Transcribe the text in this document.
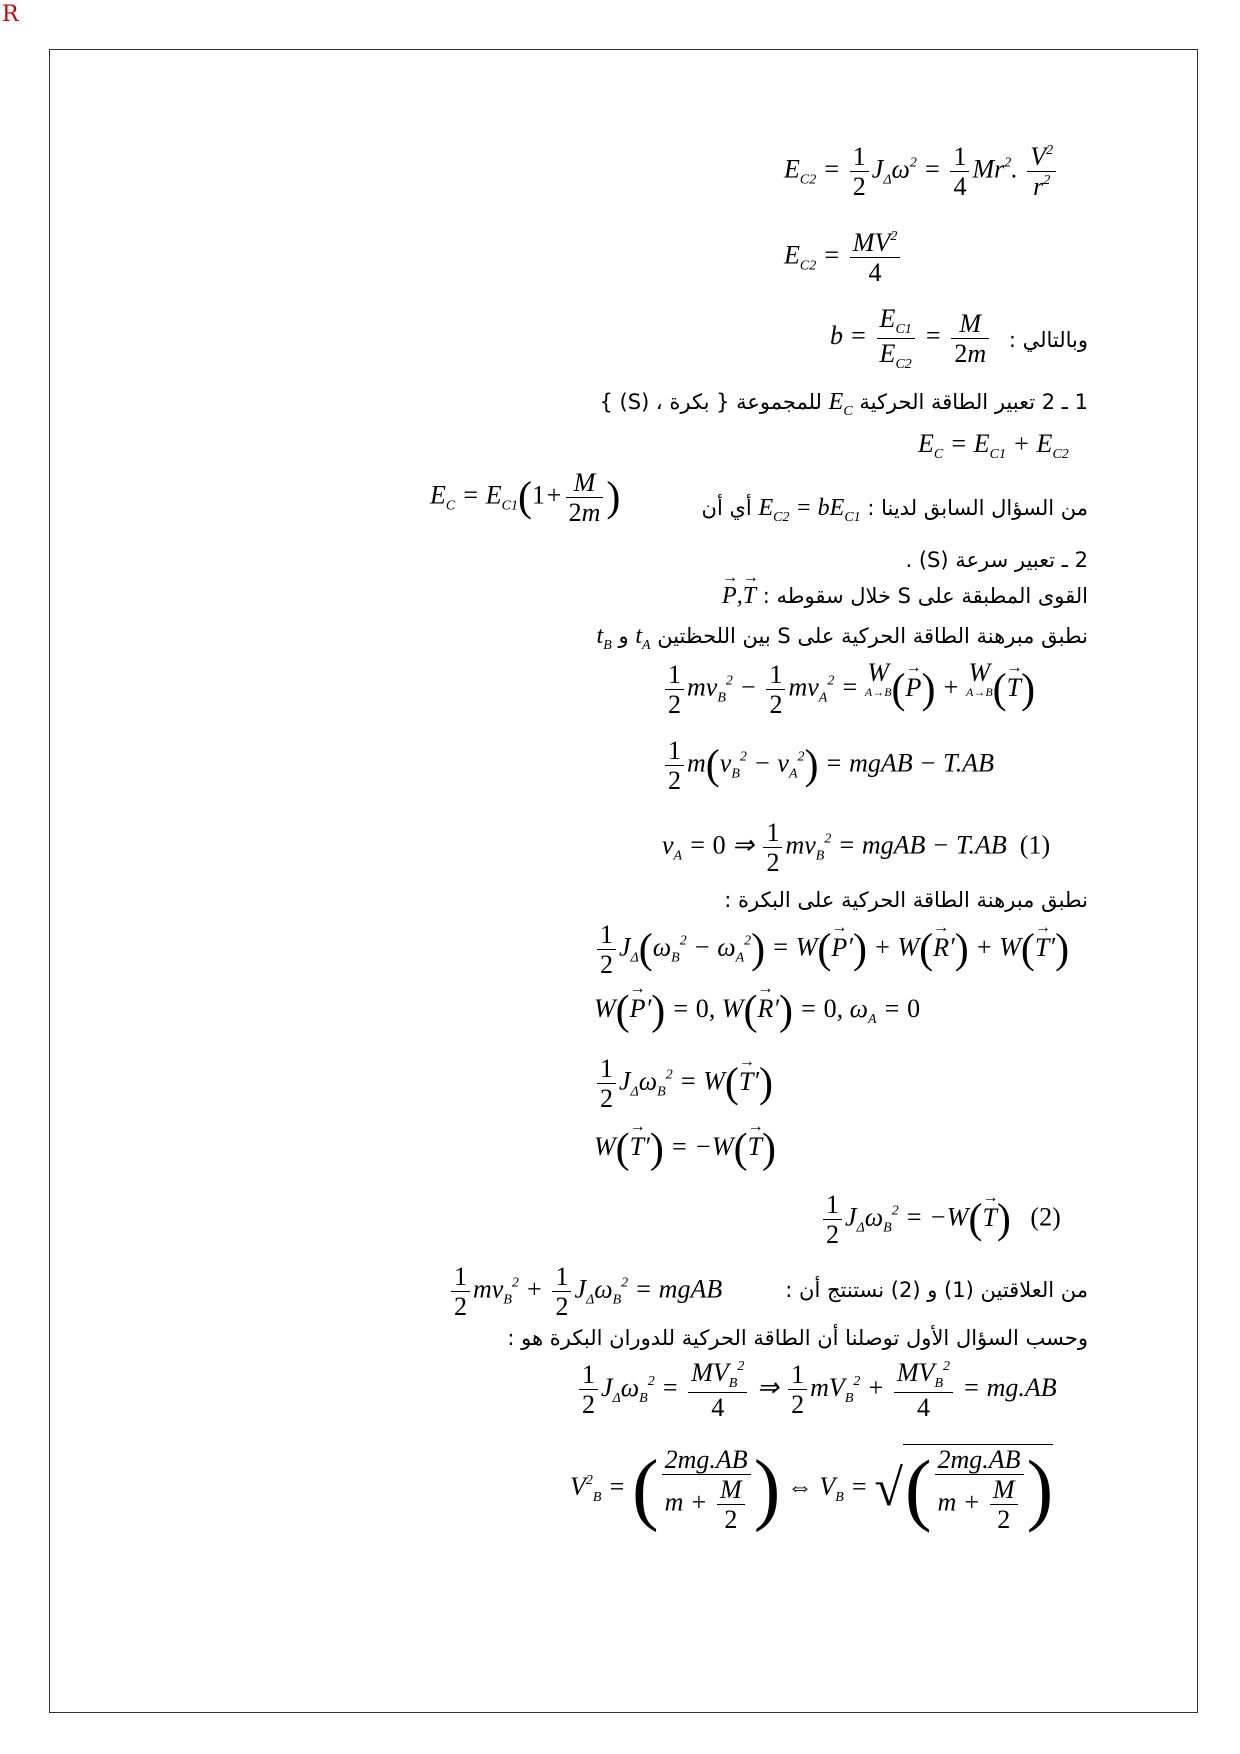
R
$E_{C2} = \frac{1}{2} J_\Delta\omega^2 = \frac{1}{4} Mr^2$. $\frac{V^2}{r^2}$
$E_{C2} = \frac{MV^2}{4}$
$b = \frac{E_{C1}}{E_{C2}} = \frac{M}{2m}$ وبالتالي :
1 ـ 2 تعبير الطاقة الحركية $E_C$ للمجموعة { بكرة ، (S) }
$E_C = E_{C1} + E_{C2}$
$E_C = E_{C1}(1+ \frac{M}{2m}$ )	من السؤال السابق لدينا : $E_{C2} = bE_{C1}$ أي أن
2 ـ تعبير سرعة (S) .
القوى المطبقة على S خلال سقوطه : → P,→ T
نطبق مبرهنة الطاقة الحركية على S بين اللحظتين $t_A$ و $t_B$
$\frac{1}{2} mv_B^2 - \frac{1}{2} mv_A^2 = W$
A→B (→ P) + W
A→B (→ T)
$\frac{1}{2} m(v_B^2 - v_A^2)$ = mgAB − T.AB
$v_A = 0$ ⇒ $\frac{1}{2} mv_B^2$ = mgAB − T.AB  (1)
نطبق مبرهنة الطاقة الحركية على البكرة :
$\frac{1}{2} J_\Delta(\omega_B^2 - \omega_A^2) = W(\to P') + W(\to R') + W(\to T')$
W(→ P′) = 0, W(→ R′) = 0, $\omega_A = 0$
$\frac{1}{2} J_\Delta\omega_B^2 = W(\to T')$
W(→ T′) = −W(→ T)
$\frac{1}{2} J_\Delta\omega_B^2 = -W(\to T)$ (2)
$\frac{1}{2} mv_B^2 + \frac{1}{2} J_\Delta\omega_B^2$ = mgAB	من العلاقتين (1) و (2) نستنتج أن :
وحسب السؤال الأول توصلنا أن الطاقة الحركية للدوران البكرة هو :
$\frac{1}{2} J_\Delta\omega_B^2 = \frac{MV_B^2}{4}$ ⇒ $\frac{1}{2} mV_B^2 + \frac{MV_B^2}{4} = mg.AB$
$V^2_B$ = ( $\frac{2mg.AB}{m + \frac{M}{2}}$ ) ⇔ $V_B$ = √( $\frac{2mg.AB}{m + \frac{M}{2}}$ )
